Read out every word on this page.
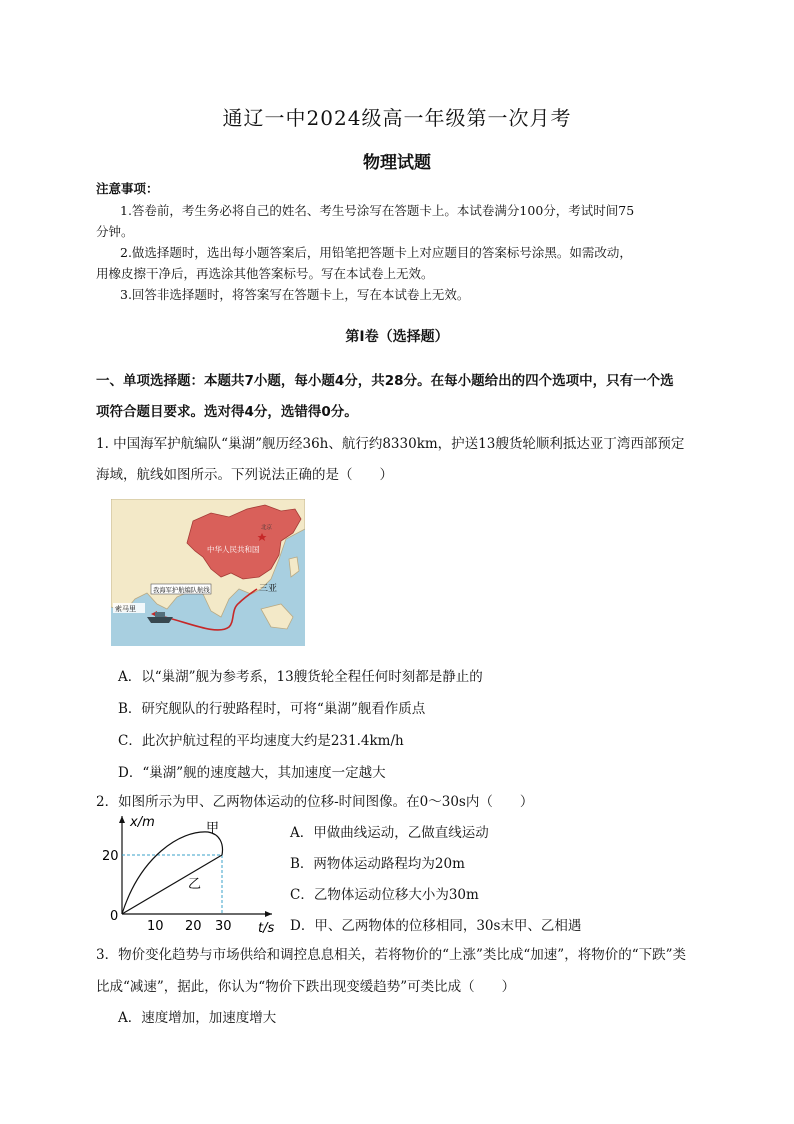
通辽一中2024级高一年级第一次月考
物理试题
注意事项：
1.答卷前，考生务必将自己的姓名、考生号涂写在答题卡上。本试卷满分100分，考试时间75
分钟。
2.做选择题时，选出每小题答案后，用铅笔把答题卡上对应题目的答案标号涂黑。如需改动，
用橡皮擦干净后，再选涂其他答案标号。写在本试卷上无效。
3.回答非选择题时，将答案写在答题卡上，写在本试卷上无效。
第Ⅰ卷（选择题）
一、单项选择题：本题共7小题，每小题4分，共28分。在每小题给出的四个选项中，只有一个选
项符合题目要求。选对得4分，选错得0分。
1. 中国海军护航编队“巢湖”舰历经36h、航行约8330km，护送13艘货轮顺利抵达亚丁湾西部预定
海域，航线如图所示。下列说法正确的是（　　）
中华人民共和国
北京
我海军护航编队航线	三亚
索马里
A．以“巢湖”舰为参考系，13艘货轮全程任何时刻都是静止的
B．研究舰队的行驶路程时，可将“巢湖”舰看作质点
C．此次护航过程的平均速度大约是231.4km/h
D．“巢湖”舰的速度越大，其加速度一定越大
2．如图所示为甲、乙两物体运动的位移-时间图像。在0～30s内（　　）
x/m
t/s
0
20
10 20 30
甲
乙
A．甲做曲线运动，乙做直线运动
B．两物体运动路程均为20m
C．乙物体运动位移大小为30m
D．甲、乙两物体的位移相同，30s末甲、乙相遇
3．物价变化趋势与市场供给和调控息息相关，若将物价的“上涨”类比成“加速”，将物价的“下跌”类
比成“减速”，据此，你认为“物价下跌出现变缓趋势”可类比成（　　）
A．速度增加，加速度增大
